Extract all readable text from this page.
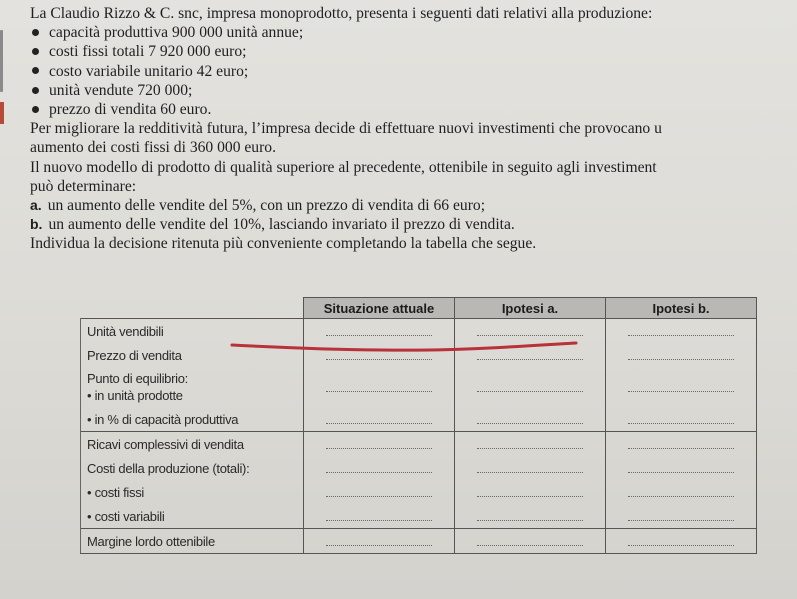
La Claudio Rizzo & C. snc, impresa monoprodotto, presenta i seguenti dati relativi alla produzione:
capacità produttiva 900 000 unità annue;
costi fissi totali 7 920 000 euro;
costo variabile unitario 42 euro;
unità vendute 720 000;
prezzo di vendita 60 euro.
Per migliorare la redditività futura, l’impresa decide di effettuare nuovi investimenti che provocano u
aumento dei costi fissi di 360 000 euro.
Il nuovo modello di prodotto di qualità superiore al precedente, ottenibile in seguito agli investiment
può determinare:
a. un aumento delle vendite del 5%, con un prezzo di vendita di 66 euro;
b. un aumento delle vendite del 10%, lasciando invariato il prezzo di vendita.
Individua la decisione ritenuta più conveniente completando la tabella che segue.
	Situazione attuale	Ipotesi a.	Ipotesi b.
Unità vendibili			
Prezzo di vendita			

Punto di equilibrio:
• in unità prodotte			

• in % di capacità produttiva			
Ricavi complessivi di vendita			
Costi della produzione (totali):			
• costi fissi			
• costi variabili			
Margine lordo ottenibile			
